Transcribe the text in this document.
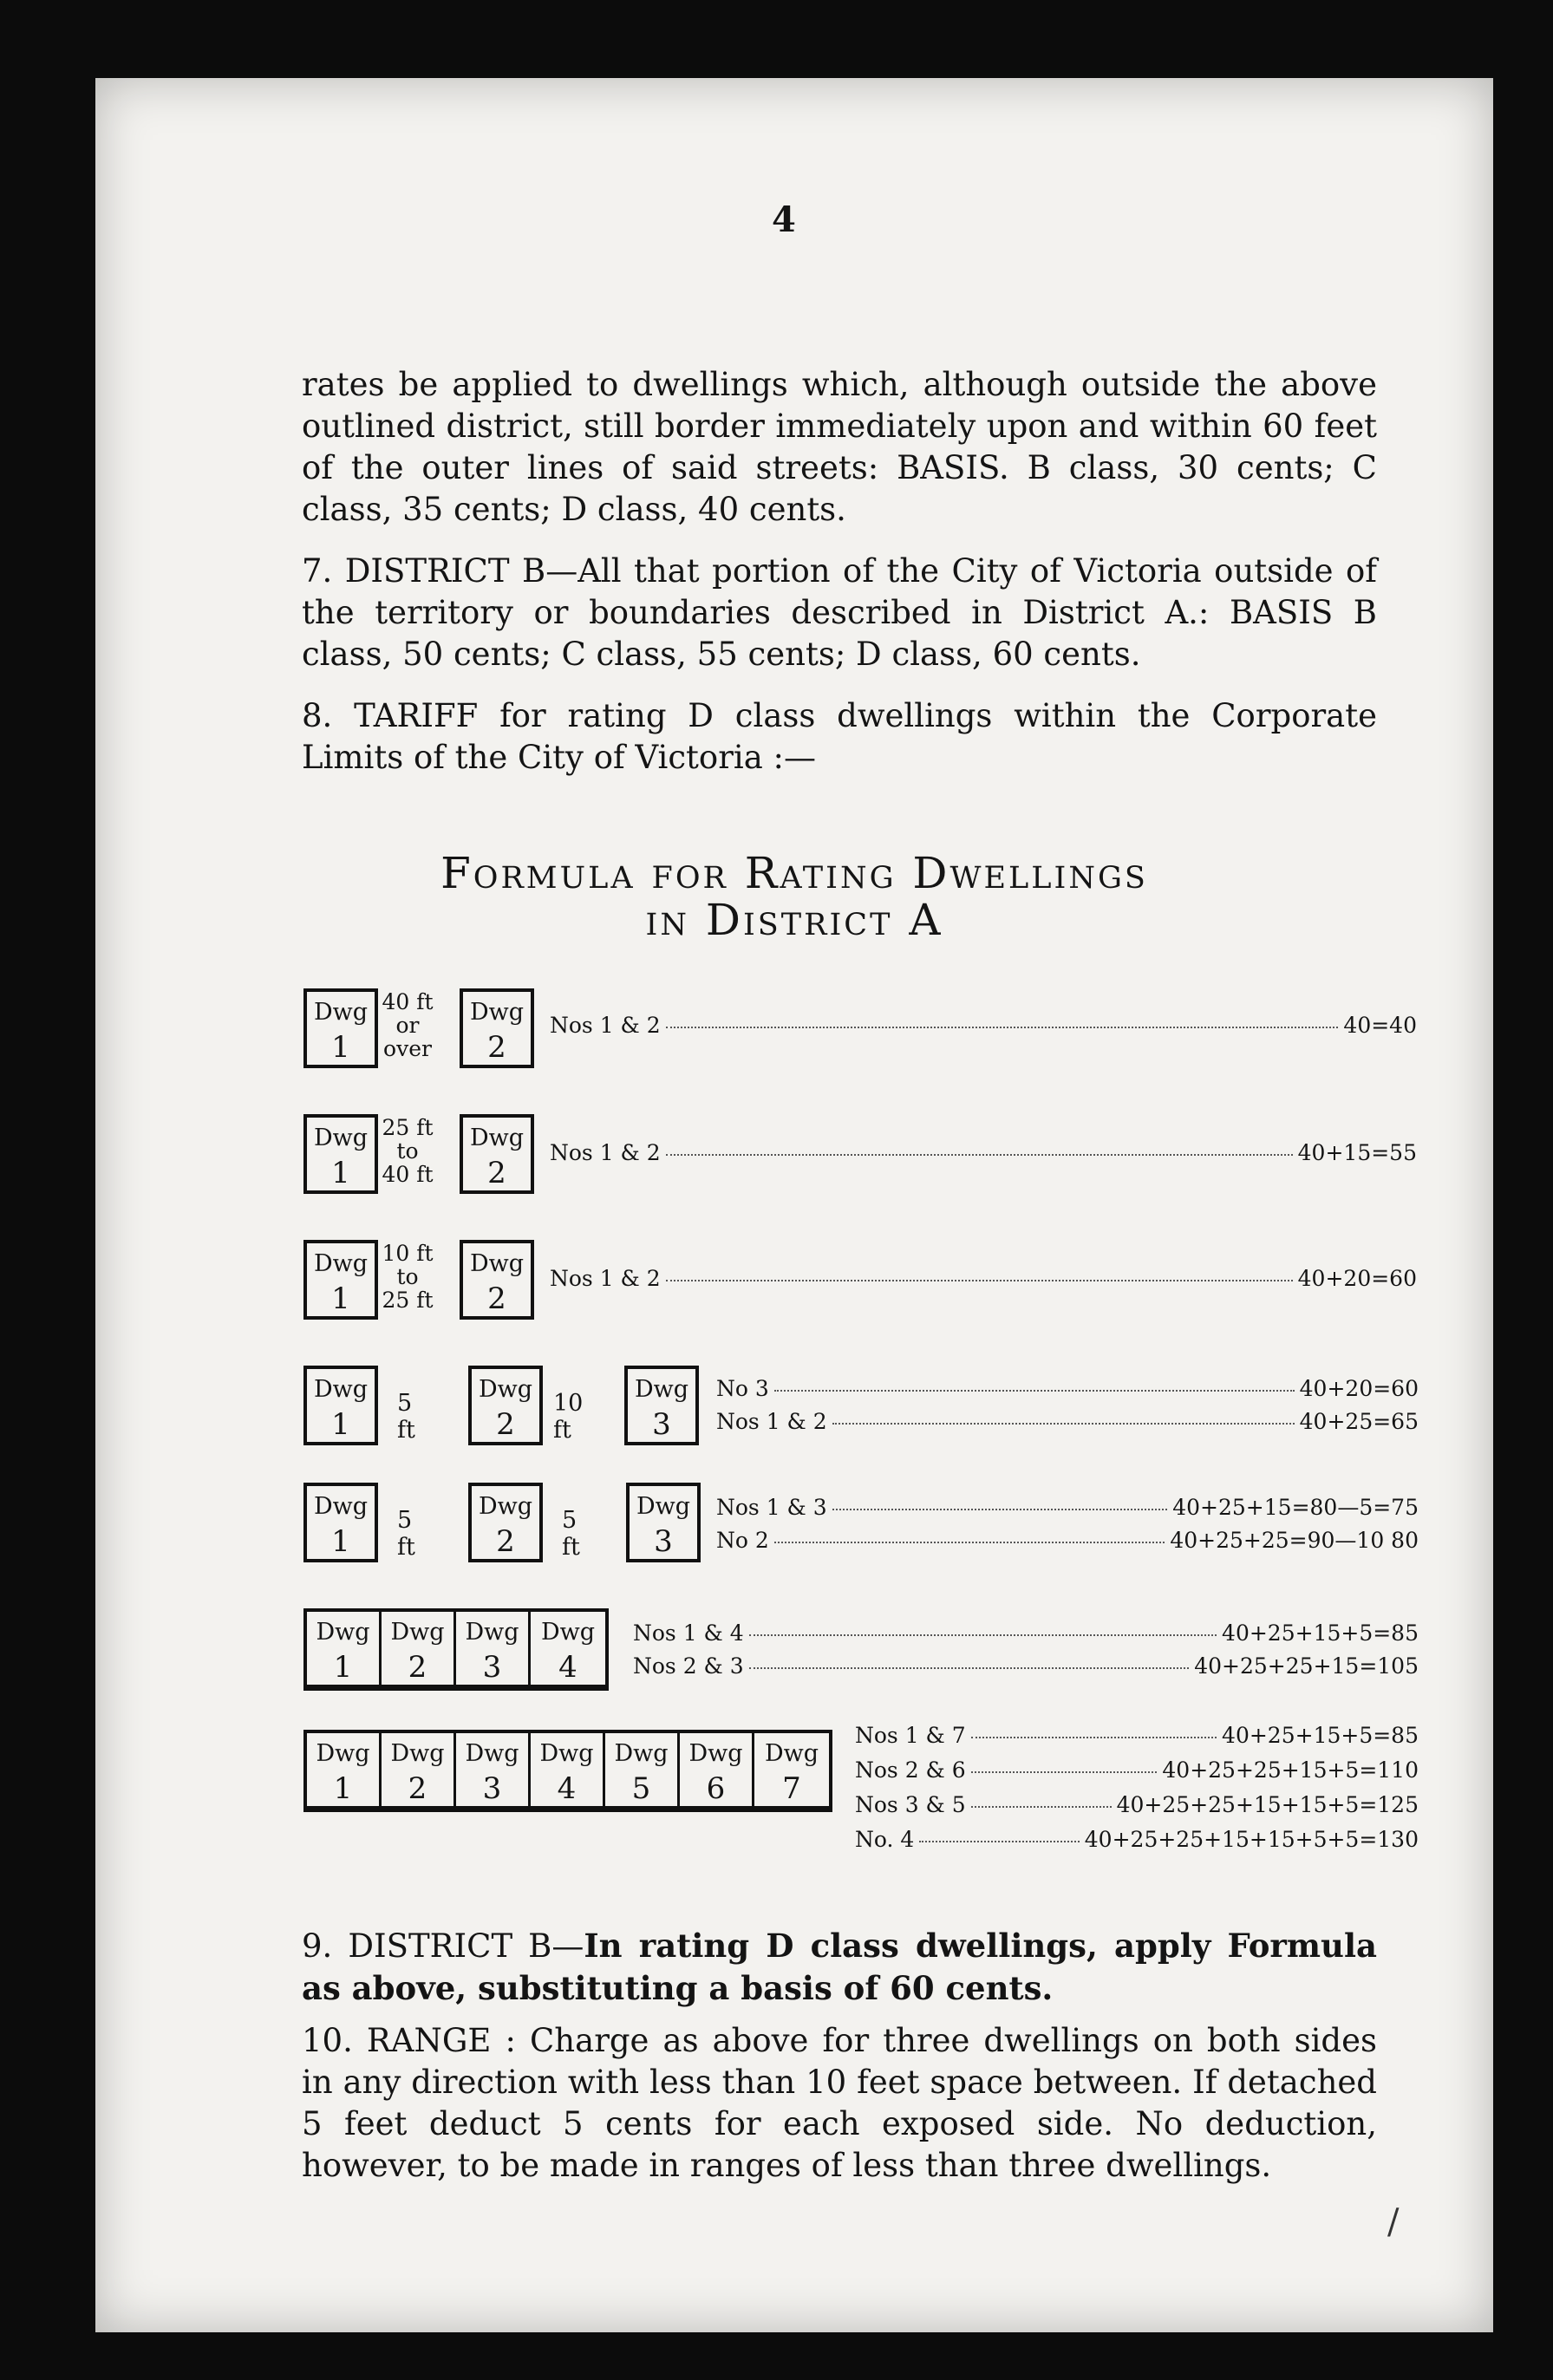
4

rates be applied to dwellings which, although outside the above outlined district, still border immediately upon and within 60 feet of the outer lines of said streets: BASIS. B class, 30 cents; C class, 35 cents; D class, 40 cents.

7. DISTRICT B—All that portion of the City of Victoria outside of the territory or boundaries described in District A.: BASIS B class, 50 cents; C class, 55 cents; D class, 60 cents.

8. TARIFF for rating D class dwellings within the Corporate Limits of the City of Victoria :—

Formula for Rating Dwellings
in District A
Dwg
1
40 ft
or
over
Dwg
2
Nos 1 & 2	40=40
Dwg
1
25 ft
to
40 ft
Dwg
2
Nos 1 & 2	40+15=55
Dwg
1
10 ft
to
25 ft
Dwg
2
Nos 1 & 2	40+20=60
Dwg
1
5 ft
Dwg
2
10 ft
Dwg
3
No 3	40+20=60
Nos 1 & 2	40+25=65
Dwg
1
5 ft
Dwg
2
5 ft
Dwg
3
Nos 1 & 3	40+25+15=80—5=75
No 2	40+25+25=90—10 80
Dwg
1
Dwg
2
Dwg
3
Dwg
4
Nos 1 & 4	40+25+15+5=85
Nos 2 & 3	40+25+25+15=105
Dwg
1
Dwg
2
Dwg
3
Dwg
4
Dwg
5
Dwg
6
Dwg
7
Nos 1 & 7	40+25+15+5=85
Nos 2 & 6	40+25+25+15+5=110
Nos 3 & 5	40+25+25+15+15+5=125
No. 4	40+25+25+15+15+5+5=130

9. DISTRICT B—In rating D class dwellings, apply Formula as above, substituting a basis of 60 cents.

10. RANGE : Charge as above for three dwellings on both sides in any direction with less than 10 feet space between. If detached 5 feet deduct 5 cents for each exposed side. No deduction, however, to be made in ranges of less than three dwellings.

/
